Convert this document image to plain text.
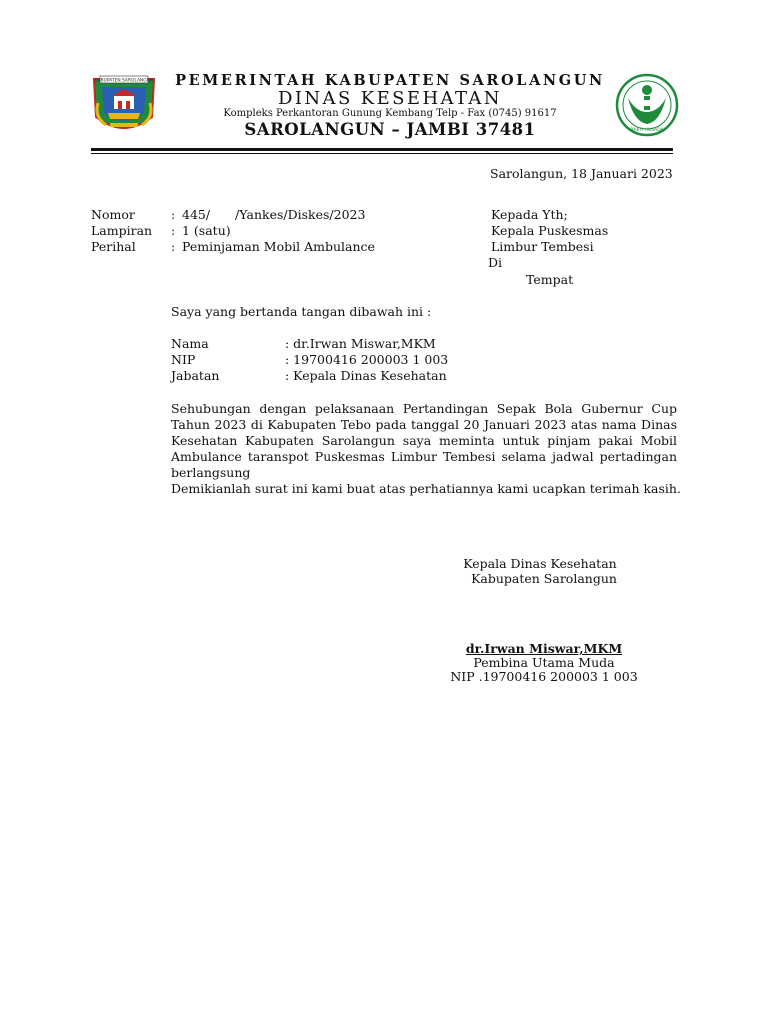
KABUPATEN SAROLANGUN	PEMERINTAH KABUPATEN SAROLANGUN
DINAS KESEHATAN
Kompleks Perkantoran Gunung Kembang Telp - Fax (0745) 91617
SAROLANGUN – JAMBI 37481	BAKTI HUSADA
Sarolangun, 18 Januari 2023
Nomor	: 445/ /Yankes/Diskes/2023
Lampiran : 1 (satu)
Perihal	: Peminjaman Mobil Ambulance
Kepada Yth;
Kepala Puskesmas
Limbur Tembesi
Di
Tempat
Saya yang bertanda tangan dibawah ini :
Nama	: dr.Irwan Miswar,MKM
NIP	: 19700416 200003 1 003
Jabatan	: Kepala Dinas Kesehatan
Sehubungan dengan pelaksanaan Pertandingan Sepak Bola Gubernur Cup Tahun 2023 di Kabupaten Tebo pada tanggal 20 Januari 2023 atas nama Dinas Kesehatan Kabupaten Sarolangun saya meminta untuk pinjam pakai Mobil Ambulance taranspot Puskesmas Limbur Tembesi selama jadwal pertadingan berlangsung
Demikianlah surat ini kami buat atas perhatiannya kami ucapkan terimah kasih.
Kepala Dinas Kesehatan
Kabupaten Sarolangun
dr.Irwan Miswar,MKM
Pembina Utama Muda
NIP .19700416 200003 1 003
